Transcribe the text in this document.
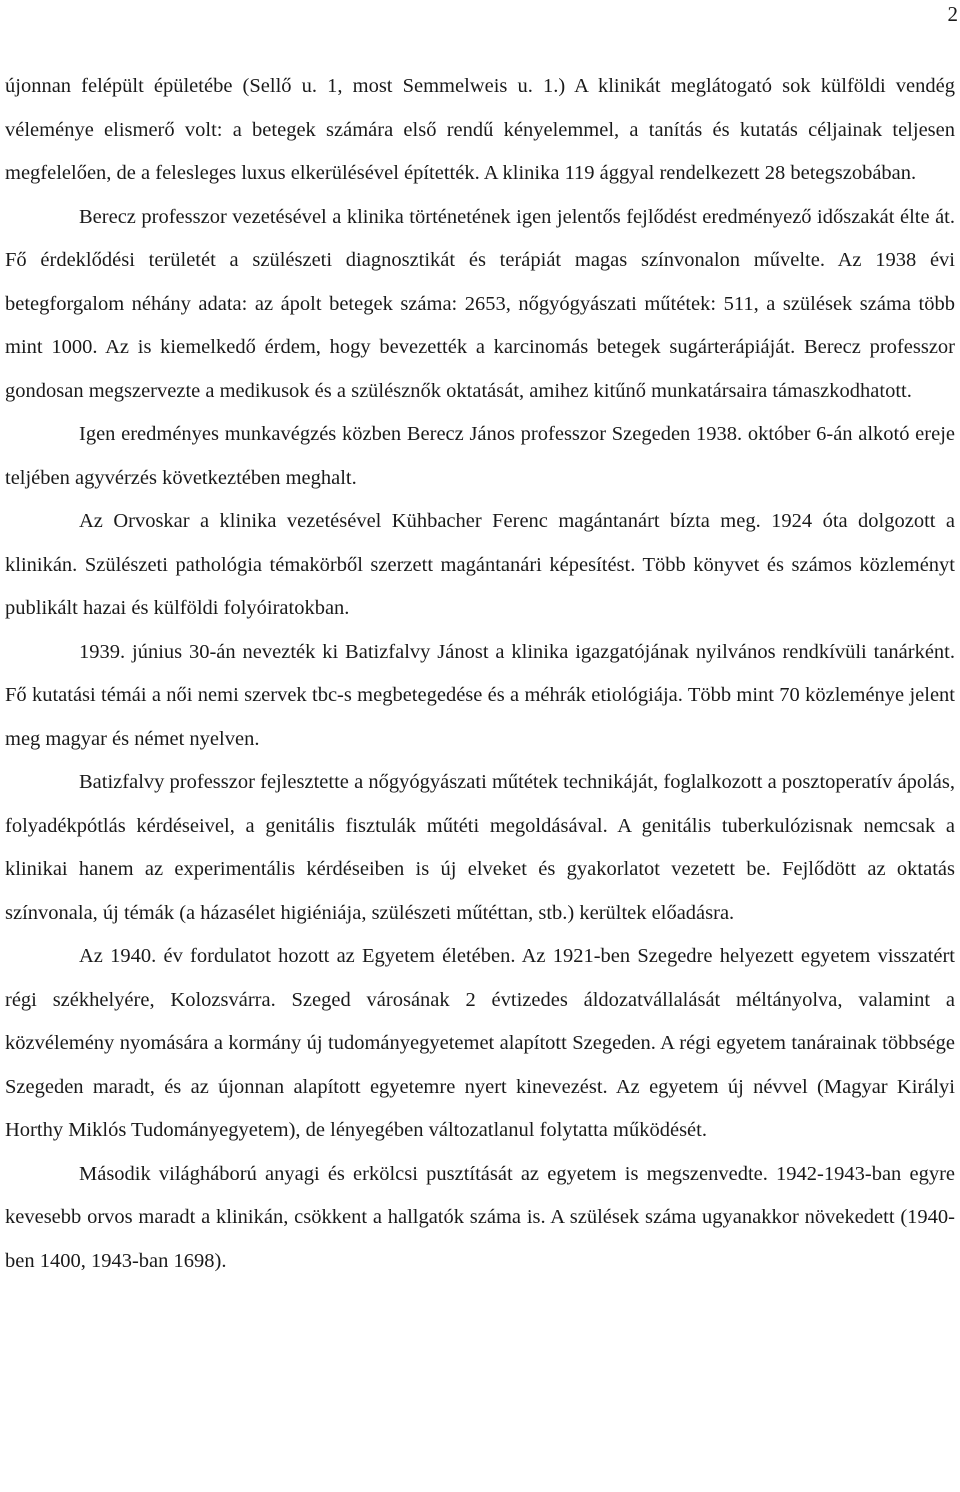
2

újonnan felépült épületébe (Sellő u. 1, most Semmelweis u. 1.) A klinikát meglátogató sok külföldi vendég véleménye elismerő volt: a betegek számára első rendű kényelemmel, a tanítás és kutatás céljainak teljesen megfelelően, de a felesleges luxus elkerülésével építették. A klinika 119 ággyal rendelkezett 28 betegszobában.

Berecz professzor vezetésével a klinika történetének igen jelentős fejlődést eredményező időszakát élte át. Fő érdeklődési területét a szülészeti diagnosztikát és terápiát magas színvonalon művelte. Az 1938 évi betegforgalom néhány adata: az ápolt betegek száma: 2653, nőgyógyászati műtétek: 511, a szülések száma több mint 1000. Az is kiemelkedő érdem, hogy bevezették a karcinomás betegek sugárterápiáját. Berecz professzor gondosan megszervezte a medikusok és a szülésznők oktatását, amihez kitűnő munkatársaira támaszkodhatott.

Igen eredményes munkavégzés közben Berecz János professzor Szegeden 1938. október 6-án alkotó ereje teljében agyvérzés következtében meghalt.

Az Orvoskar a klinika vezetésével Kühbacher Ferenc magántanárt bízta meg. 1924 óta dolgozott a klinikán. Szülészeti pathológia témakörből szerzett magántanári képesítést. Több könyvet és számos közleményt publikált hazai és külföldi folyóiratokban.

1939. június 30-án nevezték ki Batizfalvy Jánost a klinika igazgatójának nyilvános rendkívüli tanárként. Fő kutatási témái a női nemi szervek tbc-s megbetegedése és a méhrák etiológiája. Több mint 70 közleménye jelent meg magyar és német nyelven.

Batizfalvy professzor fejlesztette a nőgyógyászati műtétek technikáját, foglalkozott a posztoperatív ápolás, folyadékpótlás kérdéseivel, a genitális fisztulák műtéti megoldásával. A genitális tuberkulózisnak nemcsak a klinikai hanem az experimentális kérdéseiben is új elveket és gyakorlatot vezetett be. Fejlődött az oktatás színvonala, új témák (a házasélet higiéniája, szülészeti műtéttan, stb.) kerültek előadásra.

Az 1940. év fordulatot hozott az Egyetem életében. Az 1921-ben Szegedre helyezett egyetem visszatért régi székhelyére, Kolozsvárra. Szeged városának 2 évtizedes áldozatvállalását méltányolva, valamint a közvélemény nyomására a kormány új tudományegyetemet alapított Szegeden. A régi egyetem tanárainak többsége Szegeden maradt, és az újonnan alapított egyetemre nyert kinevezést. Az egyetem új névvel (Magyar Királyi Horthy Miklós Tudományegyetem), de lényegében változatlanul folytatta működését.

Második világháború anyagi és erkölcsi pusztítását az egyetem is megszenvedte. 1942-1943-ban egyre kevesebb orvos maradt a klinikán, csökkent a hallgatók száma is. A szülések száma ugyanakkor növekedett (1940-ben 1400, 1943-ban 1698).
